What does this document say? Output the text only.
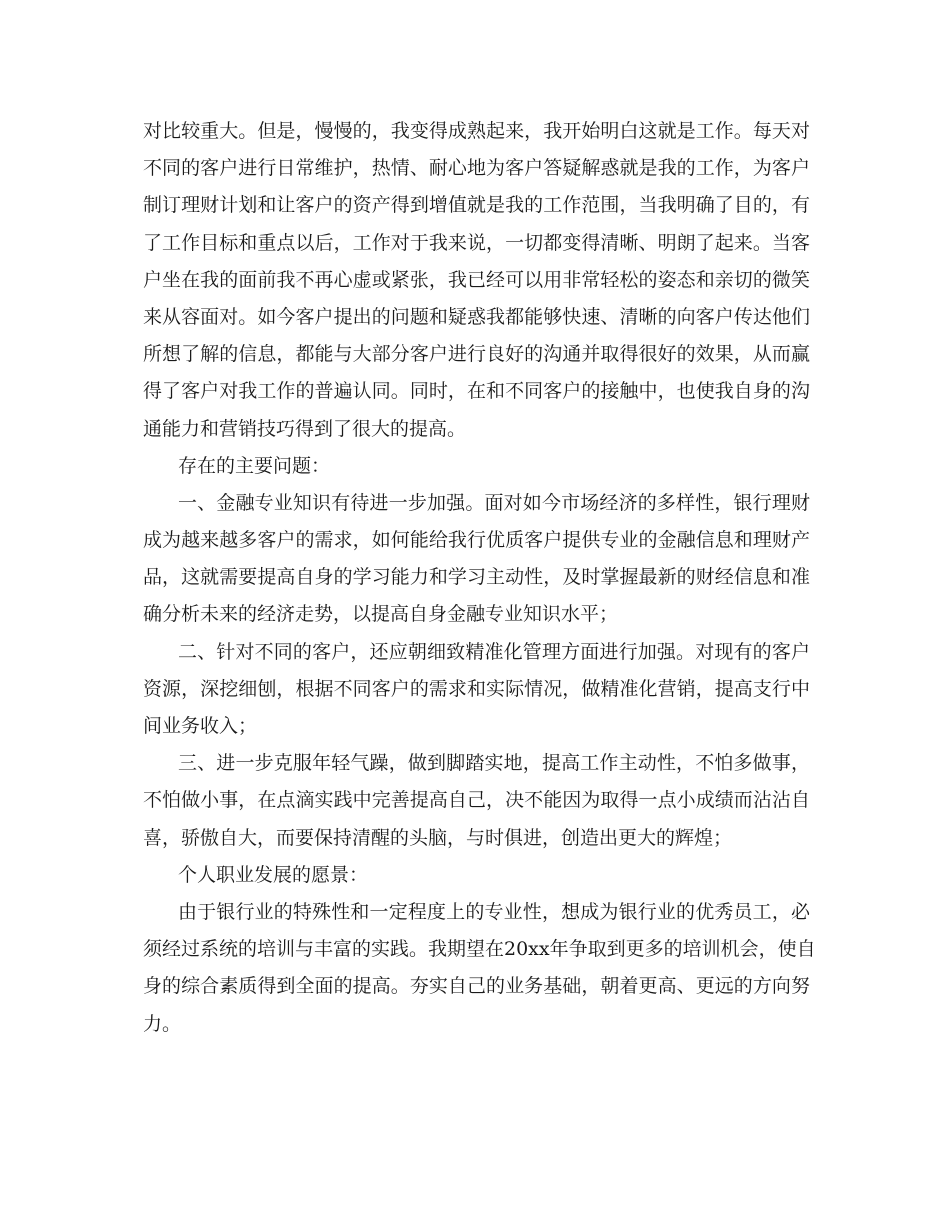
对比较重大。但是，慢慢的，我变得成熟起来，我开始明白这就是工作。每天对
不同的客户进行日常维护，热情、耐心地为客户答疑解惑就是我的工作，为客户
制订理财计划和让客户的资产得到增值就是我的工作范围，当我明确了目的，有
了工作目标和重点以后，工作对于我来说，一切都变得清晰、明朗了起来。当客
户坐在我的面前我不再心虚或紧张，我已经可以用非常轻松的姿态和亲切的微笑
来从容面对。如今客户提出的问题和疑惑我都能够快速、清晰的向客户传达他们
所想了解的信息，都能与大部分客户进行良好的沟通并取得很好的效果，从而赢
得了客户对我工作的普遍认同。同时，在和不同客户的接触中，也使我自身的沟
通能力和营销技巧得到了很大的提高。
存在的主要问题：
一、金融专业知识有待进一步加强。面对如今市场经济的多样性，银行理财
成为越来越多客户的需求，如何能给我行优质客户提供专业的金融信息和理财产
品，这就需要提高自身的学习能力和学习主动性，及时掌握最新的财经信息和准
确分析未来的经济走势，以提高自身金融专业知识水平；
二、针对不同的客户，还应朝细致精准化管理方面进行加强。对现有的客户
资源，深挖细刨，根据不同客户的需求和实际情况，做精准化营销，提高支行中
间业务收入；
三、进一步克服年轻气躁，做到脚踏实地，提高工作主动性，不怕多做事，
不怕做小事，在点滴实践中完善提高自己，决不能因为取得一点小成绩而沾沾自
喜，骄傲自大，而要保持清醒的头脑，与时俱进，创造出更大的辉煌；
个人职业发展的愿景：
由于银行业的特殊性和一定程度上的专业性，想成为银行业的优秀员工，必
须经过系统的培训与丰富的实践。我期望在20xx年争取到更多的培训机会，使自
身的综合素质得到全面的提高。夯实自己的业务基础，朝着更高、更远的方向努
力。
